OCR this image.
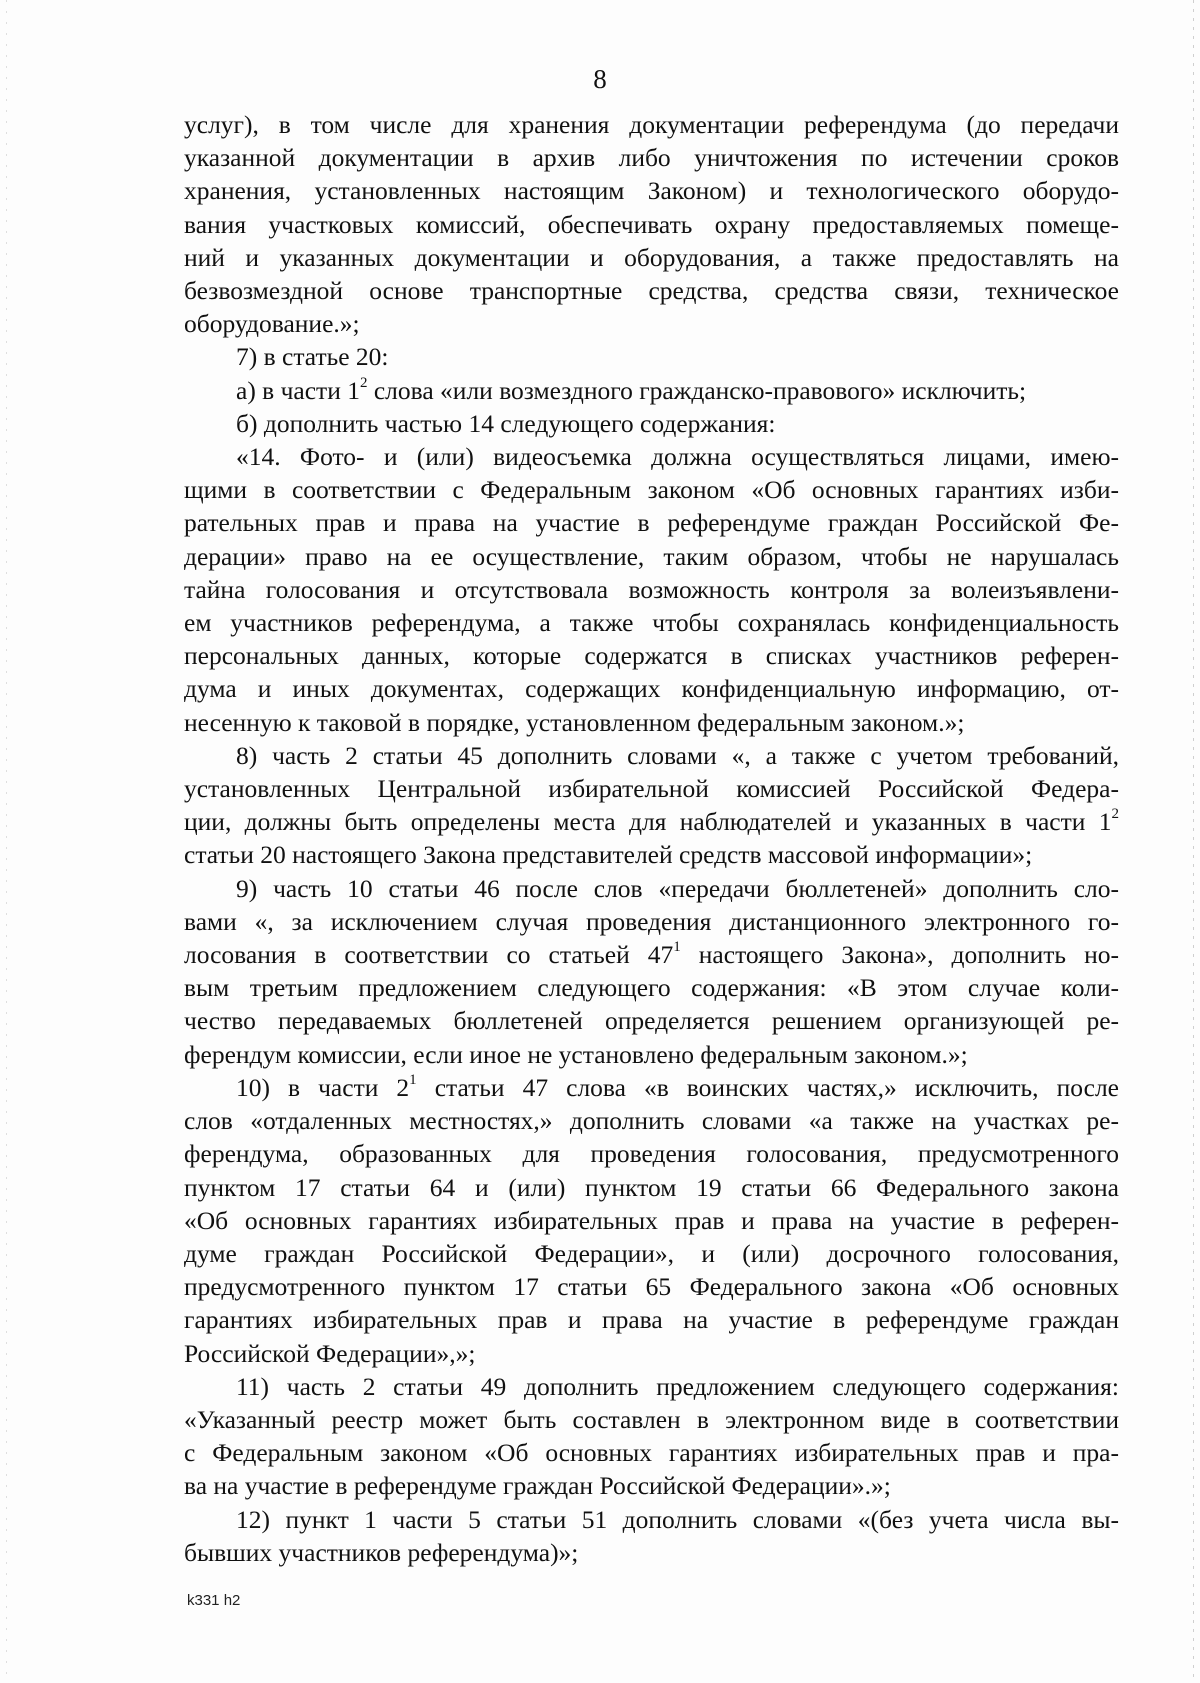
8
услуг), в том числе для хранения документации референдума (до передачи
указанной документации в архив либо уничтожения по истечении сроков
хранения, установленных настоящим Законом) и технологического оборудо-
вания участковых комиссий, обеспечивать охрану предоставляемых помеще-
ний и указанных документации и оборудования, а также предоставлять на
безвозмездной основе транспортные средства, средства связи, техническое
оборудование.»;
7) в статье 20:
а) в части $1^2$ слова «или возмездного гражданско-правового» исключить;
б) дополнить частью 14 следующего содержания:
«14. Фото- и (или) видеосъемка должна осуществляться лицами, имею-
щими в соответствии с Федеральным законом «Об основных гарантиях изби-
рательных прав и права на участие в референдуме граждан Российской Фе-
дерации» право на ее осуществление, таким образом, чтобы не нарушалась
тайна голосования и отсутствовала возможность контроля за волеизъявлени-
ем участников референдума, а также чтобы сохранялась конфиденциальность
персональных данных, которые содержатся в списках участников референ-
дума и иных документах, содержащих конфиденциальную информацию, от-
несенную к таковой в порядке, установленном федеральным законом.»;
8) часть 2 статьи 45 дополнить словами «, а также с учетом требований,
установленных Центральной избирательной комиссией Российской Федера-
ции, должны быть определены места для наблюдателей и указанных в части $1^2$
статьи 20 настоящего Закона представителей средств массовой информации»;
9) часть 10 статьи 46 после слов «передачи бюллетеней» дополнить сло-
вами «, за исключением случая проведения дистанционного электронного го-
лосования в соответствии со статьей $47^1$ настоящего Закона», дополнить но-
вым третьим предложением следующего содержания: «В этом случае коли-
чество передаваемых бюллетеней определяется решением организующей ре-
ферендум комиссии, если иное не установлено федеральным законом.»;
10) в части $2^1$ статьи 47 слова «в воинских частях,» исключить, после
слов «отдаленных местностях,» дополнить словами «а также на участках ре-
ферендума, образованных для проведения голосования, предусмотренного
пунктом 17 статьи 64 и (или) пунктом 19 статьи 66 Федерального закона
«Об основных гарантиях избирательных прав и права на участие в референ-
думе граждан Российской Федерации», и (или) досрочного голосования,
предусмотренного пунктом 17 статьи 65 Федерального закона «Об основных
гарантиях избирательных прав и права на участие в референдуме граждан
Российской Федерации»,»;
11) часть 2 статьи 49 дополнить предложением следующего содержания:
«Указанный реестр может быть составлен в электронном виде в соответствии
с Федеральным законом «Об основных гарантиях избирательных прав и пра-
ва на участие в референдуме граждан Российской Федерации».»;
12) пункт 1 части 5 статьи 51 дополнить словами «(без учета числа вы-
бывших участников референдума)»;
k331 h2
